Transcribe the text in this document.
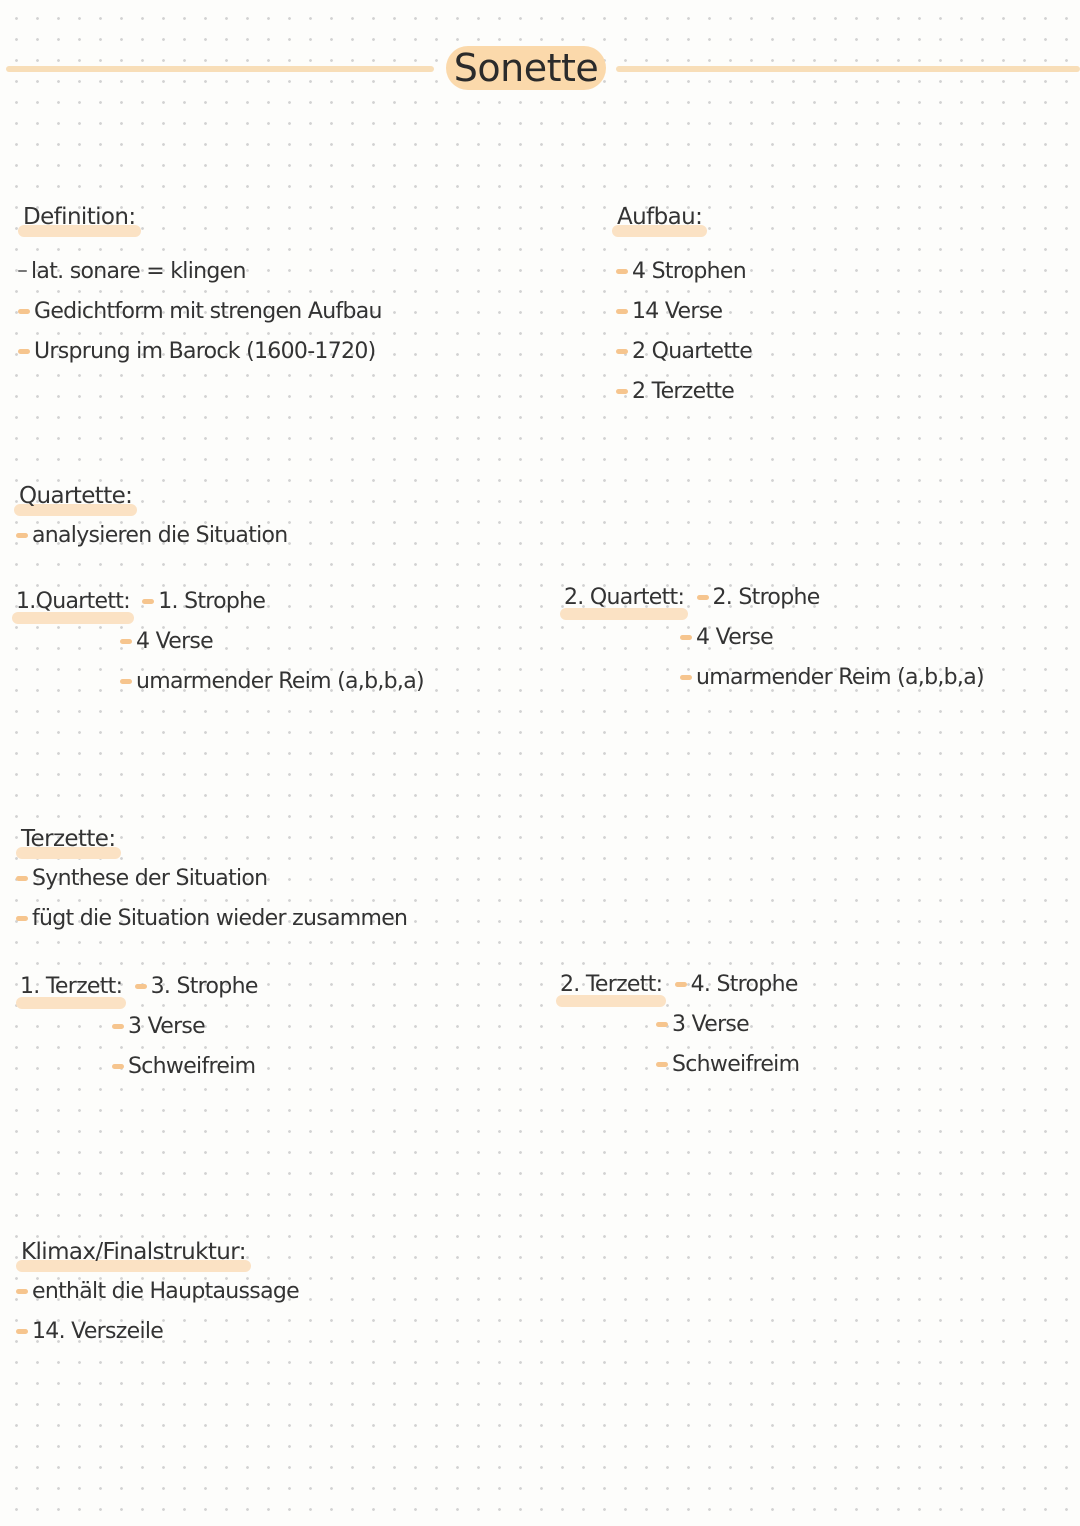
Sonette
Definition:
lat. sonare = klingen
Gedichtform mit strengen Aufbau
Ursprung im Barock (1600-1720)
Aufbau:
4 Strophen
14 Verse
2 Quartette
2 Terzette
Quartette:
analysieren die Situation
1.Quartett: 1. Strophe
4 Verse
umarmender Reim (a,b,b,a)
2. Quartett: 2. Strophe
4 Verse
umarmender Reim (a,b,b,a)
Terzette:
Synthese der Situation
fügt die Situation wieder zusammen
1. Terzett: 3. Strophe
3 Verse
Schweifreim
2. Terzett: 4. Strophe
3 Verse
Schweifreim
Klimax/Finalstruktur:
enthält die Hauptaussage
14. Verszeile
